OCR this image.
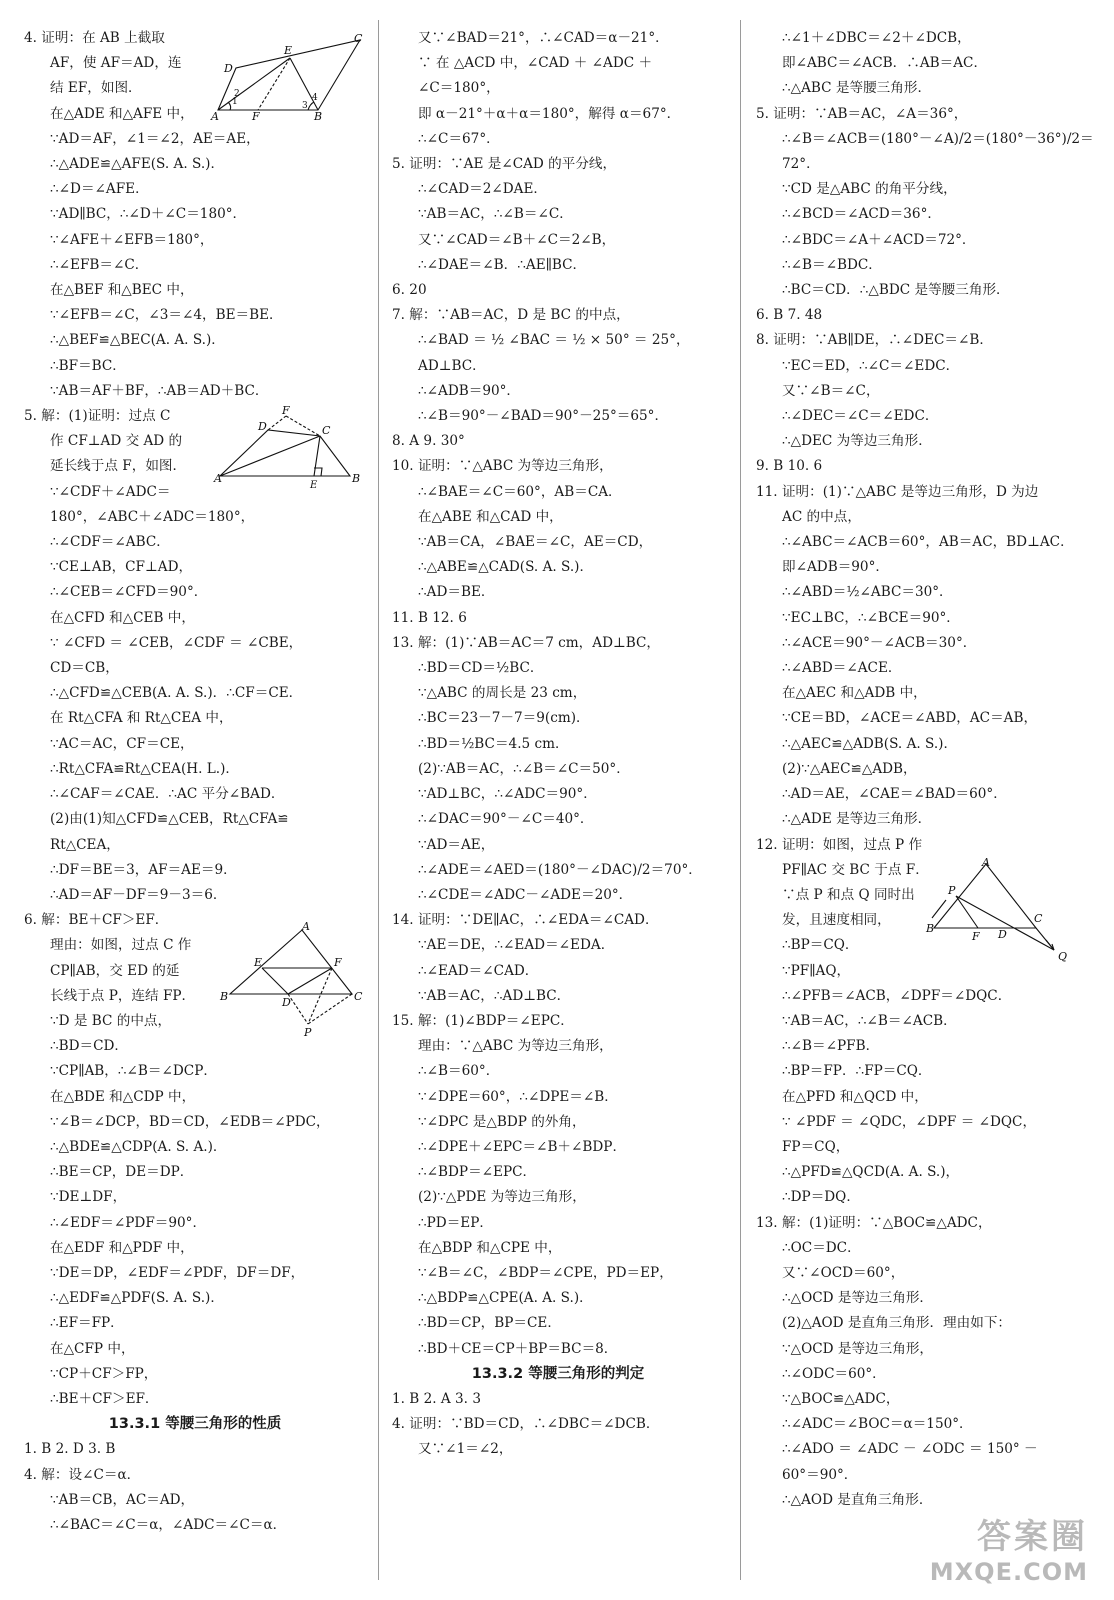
4. 证明：在 AB 上截取
AF，使 AF＝AD，连
结 EF，如图．
在△ADE 和△AFE 中，
∵AD＝AF，∠1＝∠2，AE＝AE，
∴△ADE≌△AFE(S. A. S.)．
∴∠D＝∠AFE．
∵AD∥BC，∴∠D＋∠C＝180°．
∵∠AFE＋∠EFB＝180°，
∴∠EFB＝∠C．
在△BEF 和△BEC 中，
∵∠EFB＝∠C，∠3＝∠4，BE＝BE．
∴△BEF≌△BEC(A. A. S.)．
∴BF＝BC．
∵AB＝AF＋BF，∴AB＝AD＋BC．
5. 解：(1)证明：过点 C
作 CF⊥AD 交 AD 的
延长线于点 F，如图．
∵∠CDF＋∠ADC＝
180°，∠ABC＋∠ADC＝180°，
∴∠CDF＝∠ABC．
∵CE⊥AB，CF⊥AD，
∴∠CEB＝∠CFD＝90°．
在△CFD 和△CEB 中，
∵ ∠CFD ＝ ∠CEB，∠CDF ＝ ∠CBE，
CD＝CB，
∴△CFD≌△CEB(A. A. S.)．∴CF＝CE．
在 Rt△CFA 和 Rt△CEA 中，
∵AC＝AC，CF＝CE，
∴Rt△CFA≌Rt△CEA(H. L.)．
∴∠CAF＝∠CAE．∴AC 平分∠BAD．
(2)由(1)知△CFD≌△CEB，Rt△CFA≌
Rt△CEA，
∴DF＝BE＝3，AF＝AE＝9．
∴AD＝AF－DF＝9－3＝6．
6. 解：BE＋CF＞EF．
理由：如图，过点 C 作
CP∥AB，交 ED 的延
长线于点 P，连结 FP．
∵D 是 BC 的中点，
∴BD＝CD．
∵CP∥AB，∴∠B＝∠DCP．
在△BDE 和△CDP 中，
∵∠B＝∠DCP，BD＝CD，∠EDB＝∠PDC，
∴△BDE≌△CDP(A. S. A.)．
∴BE＝CP，DE＝DP．
∵DE⊥DF，
∴∠EDF＝∠PDF＝90°．
在△EDF 和△PDF 中，
∵DE＝DP，∠EDF＝∠PDF，DF＝DF，
∴△EDF≌△PDF(S. A. S.)．
∴EF＝FP．
在△CFP 中，
∵CP＋CF＞FP，
∴BE＋CF＞EF．
13.3.1 等腰三角形的性质
1. B 2. D 3. B
4. 解：设∠C＝α．
∵AB＝CB，AC＝AD，
∴∠BAC＝∠C＝α，∠ADC＝∠C＝α．
又∵∠BAD＝21°，∴∠CAD＝α－21°．
∵ 在 △ACD 中，∠CAD ＋ ∠ADC ＋
∠C＝180°，
即 α－21°＋α＋α＝180°，解得 α＝67°．
∴∠C＝67°．
5. 证明：∵AE 是∠CAD 的平分线，
∴∠CAD＝2∠DAE．
∵AB＝AC，∴∠B＝∠C．
又∵∠CAD＝∠B＋∠C＝2∠B，
∴∠DAE＝∠B．∴AE∥BC．
6. 20
7. 解：∵AB＝AC，D 是 BC 的中点，
∴∠BAD ＝ ½ ∠BAC ＝ ½ × 50° ＝ 25°，
AD⊥BC．
∴∠ADB＝90°．
∴∠B＝90°－∠BAD＝90°－25°＝65°．
8. A 9. 30°
10. 证明：∵△ABC 为等边三角形，
∴∠BAE＝∠C＝60°，AB＝CA．
在△ABE 和△CAD 中，
∵AB＝CA，∠BAE＝∠C，AE＝CD，
∴△ABE≌△CAD(S. A. S.)．
∴AD＝BE．
11. B 12. 6
13. 解：(1)∵AB＝AC＝7 cm，AD⊥BC，
∴BD＝CD＝½BC．
∵△ABC 的周长是 23 cm，
∴BC＝23－7－7＝9(cm)．
∴BD＝½BC＝4.5 cm．
(2)∵AB＝AC，∴∠B＝∠C＝50°．
∵AD⊥BC，∴∠ADC＝90°．
∴∠DAC＝90°－∠C＝40°．
∵AD＝AE，
∴∠ADE＝∠AED＝(180°－∠DAC)/2＝70°．
∴∠CDE＝∠ADC－∠ADE＝20°．
14. 证明：∵DE∥AC，∴∠EDA＝∠CAD．
∵AE＝DE，∴∠EAD＝∠EDA．
∴∠EAD＝∠CAD．
∵AB＝AC，∴AD⊥BC．
15. 解：(1)∠BDP＝∠EPC．
理由：∵△ABC 为等边三角形，
∴∠B＝60°．
∵∠DPE＝60°，∴∠DPE＝∠B．
∵∠DPC 是△BDP 的外角，
∴∠DPE＋∠EPC＝∠B＋∠BDP．
∴∠BDP＝∠EPC．
(2)∵△PDE 为等边三角形，
∴PD＝EP．
在△BDP 和△CPE 中，
∵∠B＝∠C，∠BDP＝∠CPE，PD＝EP，
∴△BDP≌△CPE(A. A. S.)．
∴BD＝CP，BP＝CE．
∴BD＋CE＝CP＋BP＝BC＝8．
13.3.2 等腰三角形的判定
1. B 2. A 3. 3
4. 证明：∵BD＝CD，∴∠DBC＝∠DCB．
又∵∠1＝∠2，
∴∠1＋∠DBC＝∠2＋∠DCB，
即∠ABC＝∠ACB．∴AB＝AC．
∴△ABC 是等腰三角形．
5. 证明：∵AB＝AC，∠A＝36°，
∴∠B＝∠ACB＝(180°－∠A)/2＝(180°－36°)/2＝
72°．
∵CD 是△ABC 的角平分线，
∴∠BCD＝∠ACD＝36°．
∴∠BDC＝∠A＋∠ACD＝72°．
∴∠B＝∠BDC．
∴BC＝CD．∴△BDC 是等腰三角形．
6. B 7. 48
8. 证明：∵AB∥DE，∴∠DEC＝∠B．
∵EC＝ED，∴∠C＝∠EDC．
又∵∠B＝∠C，
∴∠DEC＝∠C＝∠EDC．
∴△DEC 为等边三角形．
9. B 10. 6
11. 证明：(1)∵△ABC 是等边三角形，D 为边
AC 的中点，
∴∠ABC＝∠ACB＝60°，AB＝AC，BD⊥AC．
即∠ADB＝90°．
∴∠ABD＝½∠ABC＝30°．
∵EC⊥BC，∴∠BCE＝90°．
∴∠ACE＝90°－∠ACB＝30°．
∴∠ABD＝∠ACE．
在△AEC 和△ADB 中，
∵CE＝BD，∠ACE＝∠ABD，AC＝AB，
∴△AEC≌△ADB(S. A. S.)．
(2)∵△AEC≌△ADB，
∴AD＝AE，∠CAE＝∠BAD＝60°．
∴△ADE 是等边三角形．
12. 证明：如图，过点 P 作
PF∥AC 交 BC 于点 F．
∵点 P 和点 Q 同时出
发，且速度相同，
∴BP＝CQ．
∵PF∥AQ，
∴∠PFB＝∠ACB，∠DPF＝∠DQC．
∵AB＝AC，∴∠B＝∠ACB．
∴∠B＝∠PFB．
∴BP＝FP．∴FP＝CQ．
在△PFD 和△QCD 中，
∵ ∠PDF ＝ ∠QDC，∠DPF ＝ ∠DQC，
FP＝CQ，
∴△PFD≌△QCD(A. A. S.)，
∴DP＝DQ．
13. 解：(1)证明：∵△BOC≌△ADC，
∴OC＝DC．
又∵∠OCD＝60°，
∴△OCD 是等边三角形．
(2)△AOD 是直角三角形．理由如下：
∵△OCD 是等边三角形，
∴∠ODC＝60°．
∵△BOC≌△ADC，
∴∠ADC＝∠BOC＝α＝150°．
∴∠ADO ＝ ∠ADC － ∠ODC ＝ 150° －
60°＝90°．
∴△AOD 是直角三角形．
A	B
C
D
E
F
1
2
3
4
A	B
C
D
E
F
A
B	C
D
E	F
P
A
B
C
D
F
P
Q
答案圈
MXQE.COM
